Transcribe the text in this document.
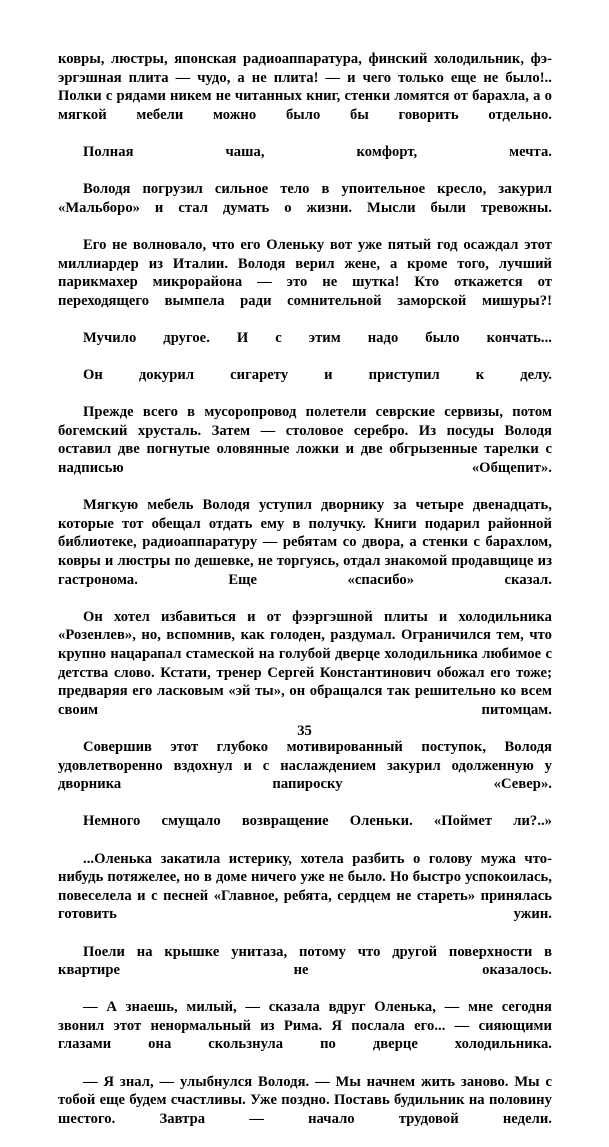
ковры, люстры, японская радиоаппаратура, финский холодильник, фэ-эргэшная плита — чудо, а не плита! — и чего только еще не было!.. Полки с рядами никем не читанных книг, стенки ломятся от барахла, а о мягкой мебели можно было бы говорить отдельно.

Полная чаша, комфорт, мечта.

Володя погрузил сильное тело в упоительное кресло, закурил «Мальборо» и стал думать о жизни. Мысли были тревожны.

Его не волновало, что его Оленьку вот уже пятый год осаждал этот миллиардер из Италии. Володя верил жене, а кроме того, лучший парикмахер микрорайона — это не шутка! Кто откажется от переходящего вымпела ради сомнительной заморской мишуры?!

Мучило другое. И с этим надо было кончать...

Он докурил сигарету и приступил к делу.

Прежде всего в мусоропровод полетели севрские сервизы, потом богемский хрусталь. Затем — столовое серебро. Из посуды Володя оставил две погнутые оловянные ложки и две обгрызенные тарелки с надписью «Общепит».

Мягкую мебель Володя уступил дворнику за четыре двенадцать, которые тот обещал отдать ему в получку. Книги подарил районной библиотеке, радиоаппаратуру — ребятам со двора, а стенки с барахлом, ковры и люстры по дешевке, не торгуясь, отдал знакомой продавщице из гастронома. Еще «спасибо» сказал.

Он хотел избавиться и от фээргэшной плиты и холодильника «Розенлев», но, вспомнив, как голоден, раздумал. Ограничился тем, что крупно нацарапал стамеской на голубой дверце холодильника любимое с детства слово. Кстати, тренер Сергей Константинович обожал его тоже; предваряя его ласковым «эй ты», он обращался так решительно ко всем своим питомцам.

Совершив этот глубоко мотивированный поступок, Володя удовлетворенно вздохнул и с наслаждением закурил одолженную у дворника папироску «Север».

Немного смущало возвращение Оленьки. «Поймет ли?..»

...Оленька закатила истерику, хотела разбить о голову мужа что-нибудь потяжелее, но в доме ничего уже не было. Но быстро успокоилась, повеселела и с песней «Главное, ребята, сердцем не стареть» принялась готовить ужин.

Поели на крышке унитаза, потому что другой поверхности в квартире не оказалось.

— А знаешь, милый, — сказала вдруг Оленька, — мне сегодня звонил этот ненормальный из Рима. Я послала его... — сияющими глазами она скользнула по дверце холодильника.

— Я знал, — улыбнулся Володя. — Мы начнем жить заново. Мы с тобой еще будем счастливы. Уже поздно. Поставь будильник на половину шестого. Завтра — начало трудовой недели.

35
